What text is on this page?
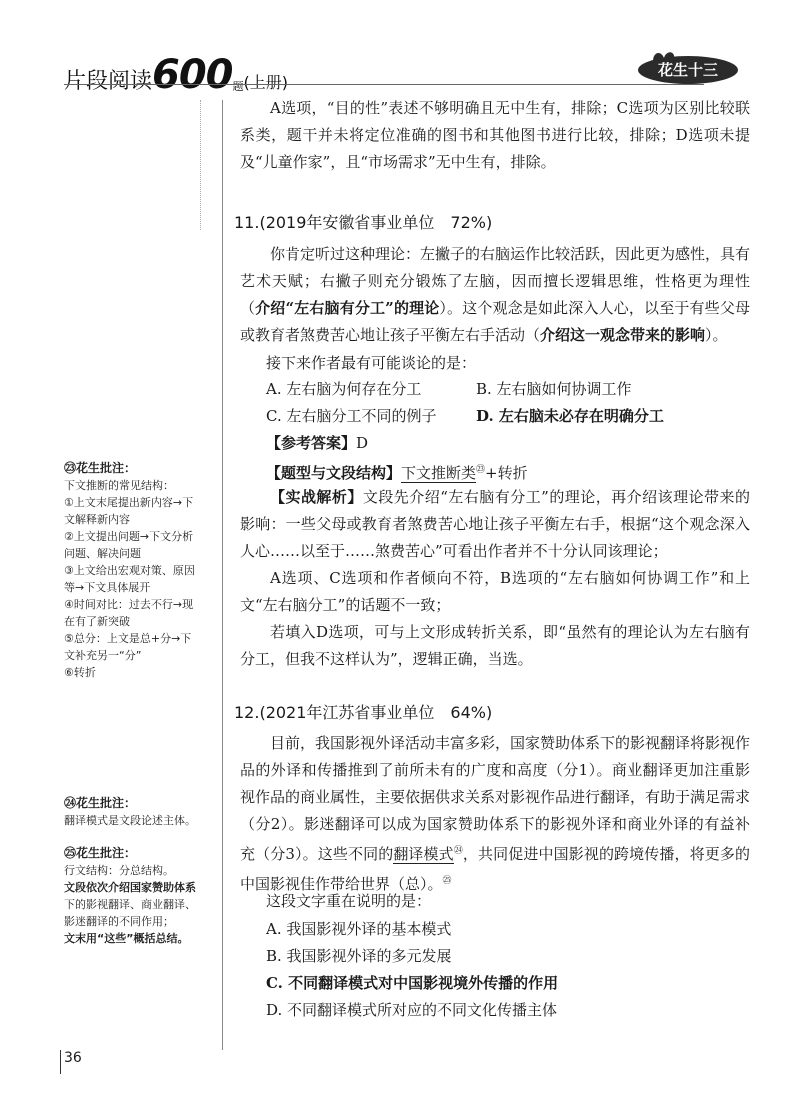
片段阅读600题(上册)
花生十三

A选项，“目的性”表述不够明确且无中生有，排除；C选项为区别比较联系类，题干并未将定位准确的图书和其他图书进行比较，排除；D选项未提及“儿童作家”，且“市场需求”无中生有，排除。

11.(2019年安徽省事业单位　72%)

你肯定听过这种理论：左撇子的右脑运作比较活跃，因此更为感性，具有艺术天赋；右撇子则充分锻炼了左脑，因而擅长逻辑思维，性格更为理性（介绍“左右脑有分工”的理论）。这个观念是如此深入人心，以至于有些父母或教育者煞费苦心地让孩子平衡左右手活动（介绍这一观念带来的影响）。

接下来作者最有可能谈论的是：

A. 左右脑为何存在分工	B. 左右脑如何协调工作
C. 左右脑分工不同的例子	D. 左右脑未必存在明确分工

【参考答案】D

【题型与文段结构】下文推断类$^㉓$+转折

【实战解析】文段先介绍“左右脑有分工”的理论，再介绍该理论带来的影响：一些父母或教育者煞费苦心地让孩子平衡左右手，根据“这个观念深入人心……以至于……煞费苦心”可看出作者并不十分认同该理论；

A选项、C选项和作者倾向不符，B选项的“左右脑如何协调工作”和上文“左右脑分工”的话题不一致；

若填入D选项，可与上文形成转折关系，即“虽然有的理论认为左右脑有分工，但我不这样认为”，逻辑正确，当选。

12.(2021年江苏省事业单位　64%)

目前，我国影视外译活动丰富多彩，国家赞助体系下的影视翻译将影视作品的外译和传播推到了前所未有的广度和高度（分1）。商业翻译更加注重影视作品的商业属性，主要依据供求关系对影视作品进行翻译，有助于满足需求（分2）。影迷翻译可以成为国家赞助体系下的影视外译和商业外译的有益补充（分3）。这些不同的翻译模式$^㉔$，共同促进中国影视的跨境传播，将更多的中国影视佳作带给世界（总）。$^㉕$

这段文字重在说明的是：

A. 我国影视外译的基本模式
B. 我国影视外译的多元发展
C. 不同翻译模式对中国影视境外传播的作用
D. 不同翻译模式所对应的不同文化传播主体
㉓花生批注：
下文推断的常见结构：
①上文末尾提出新内容→下
文解释新内容
②上文提出问题→下文分析
问题、解决问题
③上文给出宏观对策、原因
等→下文具体展开
④时间对比：过去不行→现
在有了新突破
⑤总分：上文是总+分→下
文补充另一“分”
⑥转折
㉔花生批注：
翻译模式是文段论述主体。
㉕花生批注：
行文结构：分总结构。
文段依次介绍国家赞助体系
下的影视翻译、商业翻译、
影迷翻译的不同作用；
文末用“这些”概括总结。
36
